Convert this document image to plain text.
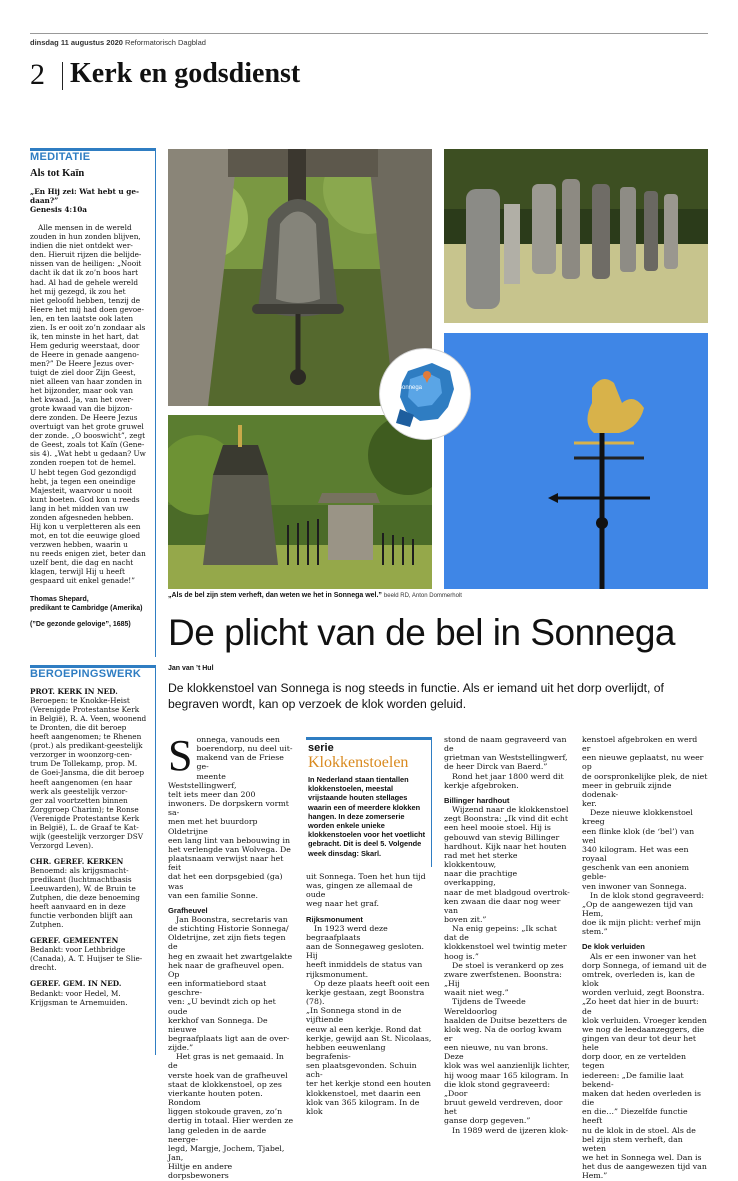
dinsdag 11 augustus 2020 Reformatorisch Dagblad
2 Kerk en godsdienst
MEDITATIE
Als tot Kaïn
„En Hij zei: Wat hebt u ge-
daan?”
Genesis 4:10a
Alle mensen in de wereld
zouden in hun zonden blijven,
indien die niet ontdekt wer-
den. Hieruit rijzen die belijde-
nissen van de heiligen: „Nooit
dacht ik dat ik zo’n boos hart
had. Al had de gehele wereld
het mij gezegd, ik zou het
niet geloofd hebben, tenzij de
Heere het mij had doen gevoe-
len, en ten laatste ook laten
zien. Is er ooit zo’n zondaar als
ik, ten minste in het hart, dat
Hem gedurig weerstaat, door
de Heere in genade aangeno-
men?” De Heere Jezus over-
tuigt de ziel door Zijn Geest,
niet alleen van haar zonden in
het bijzonder, maar ook van
het kwaad. Ja, van het over-
grote kwaad van die bijzon-
dere zonden. De Heere Jezus
overtuigt van het grote gruwel
der zonde. „O booswicht”, zegt
de Geest, zoals tot Kaïn (Gene-
sis 4). „Wat hebt u gedaan? Uw
zonden roepen tot de hemel.
U hebt tegen God gezondigd
hebt, ja tegen een oneindige
Majesteit, waarvoor u nooit
kunt boeten. God kon u reeds
lang in het midden van uw
zonden afgesneden hebben.
Hij kon u verpletteren als een
mot, en tot die eeuwige gloed
verzwen hebben, waarin u
nu reeds enigen ziet, beter dan
uzelf bent, die dag en nacht
klagen, terwijl Hij u heeft
gespaard uit enkel genade!”
Thomas Shepard,
predikant te Cambridge (Amerika)
(”De gezonde gelovige”, 1685)
BEROEPINGSWERK
PROT. KERK IN NED.
Beroepen: te Knokke-Heist
(Verenigde Protestantse Kerk
in België), R. A. Veen, woonend
te Dronten, die dit beroep
heeft aangenomen; te Rhenen
(prot.) als predikant-geestelijk
verzorger in woonzorg-cen-
trum De Tollekamp, prop. M.
de Goei-Jansma, die dit beroep
heeft aangenomen (en haar
werk als geestelijk verzor-
ger zal voortzetten binnen
Zorggroep Charim); te Ronse
(Verenigde Protestantse Kerk
in België), L. de Graaf te Kat-
wijk (geestelijk verzorger DSV
Verzorgd Leven).
CHR. GEREF. KERKEN
Benoemd: als krijgsmacht-
predikant (luchtmachtbasis
Leeuwarden), W. de Bruin te
Zutphen, die deze benoeming
heeft aanvaard en in deze
functie verbonden blijft aan
Zutphen.
GEREF. GEMEENTEN
Bedankt: voor Lethbridge
(Canada), A. T. Huijser te Slie-
drecht.
GEREF. GEM. IN NED.
Bedankt: voor Hedel, M.
Krijgsman te Arnemuiden.
Sonnega
„Als de bel zijn stem verheft, dan weten we het in Sonnega wel.” beeld RD, Anton Dommerholt
De plicht van de bel in Sonnega
Jan van ’t Hul
De klokkenstoel van Sonnega is nog steeds in functie. Als er iemand uit het dorp overlijdt, of begraven wordt, kan op verzoek de klok worden geluid.
S onnega, vanouds een
boerendorp, nu deel uit-
makend van de Friese ge-
meente Weststellingwerf,
telt iets meer dan 200
inwoners. De dorpskern vormt sa-
men met het buurdorp Oldetrijne
een lang lint van bebouwing in
het verlengde van Wolvega. De
plaatsnaam verwijst naar het feit
dat het een dorpsgebied (ga) was
van een familie Sonne.

Grafheuvel

Jan Boonstra, secretaris van
de stichting Historie Sonnega/
Oldetrijne, zet zijn fiets tegen de
heg en zwaait het zwartgelakte
hek naar de grafheuvel open. Op
een informatiebord staat geschre-
ven: „U bevindt zich op het oude
kerkhof van Sonnega. De nieuwe
begraafplaats ligt aan de over-
zijde.”
Het gras is net gemaaid. In de
verste hoek van de grafheuvel
staat de klokkenstoel, op zes
vierkante houten poten. Rondom
liggen stokoude graven, zo’n
dertig in totaal. Hier werden ze
lang geleden in de aarde neerge-
legd, Margje, Jochem, Tjabel, Jan,
Hiltje en andere dorpsbewoners
serie
Klokkenstoelen
In Nederland staan tientallen klokkenstoelen, meestal vrijstaande houten stellages waarin een of meerdere klokken hangen. In deze zomerserie worden enkele unieke klokkenstoelen voor het voetlicht gebracht. Dit is deel 5. Volgende week dinsdag: Skarl.
uit Sonnega. Toen het hun tijd
was, gingen ze allemaal de oude
weg naar het graf.

Rijksmonument

In 1923 werd deze begraafplaats
aan de Sonnegaweg gesloten. Hij
heeft inmiddels de status van
rijksmonument.
Op deze plaats heeft ooit een
kerkje gestaan, zegt Boonstra (78).
„In Sonnega stond in de vijftiende
eeuw al een kerkje. Rond dat
kerkje, gewijd aan St. Nicolaas,
hebben eeuwenlang begrafenis-
sen plaatsgevonden. Schuin ach-
ter het kerkje stond een houten
klokkenstoel, met daarin een
klok van 365 kilogram. In de klok
stond de naam gegraveerd van de
grietman van Weststellingwerf,
de heer Dirck van Baerd.”
Rond het jaar 1800 werd dit
kerkje afgebroken.

Billinger hardhout

Wijzend naar de klokkenstoel
zegt Boonstra: „Ik vind dit echt
een heel mooie stoel. Hij is
gebouwd van stevig Billinger
hardhout. Kijk naar het houten
rad met het sterke klokkentouw,
naar die prachtige overkapping,
naar de met bladgoud overtrok-
ken zwaan die daar nog weer van
boven zit.”
Na enig gepeins: „Ik schat dat de
klokkenstoel wel twintig meter
hoog is.”
De stoel is verankerd op zes
zware zwerfstenen. Boonstra: „Hij
waait niet weg.”
Tijdens de Tweede Wereldoorlog
haalden de Duitse bezetters de
klok weg. Na de oorlog kwam er
een nieuwe, nu van brons. Deze
klok was wel aanzienlijk lichter,
hij woog maar 165 kilogram. In
die klok stond gegraveerd: „Door
bruut geweld verdreven, door het
ganse dorp gegeven.”
In 1989 werd de ijzeren klok-
kenstoel afgebroken en werd er
een nieuwe geplaatst, nu weer op
de oorspronkelijke plek, de niet
meer in gebruik zijnde dodenak-
ker.
Deze nieuwe klokkenstoel kreeg
een flinke klok (de ‘bel’) van wel
340 kilogram. Het was een royaal
geschenk van een anoniem geble-
ven inwoner van Sonnega.
In de klok stond gegraveerd:
„Op de aangewezen tijd van Hem,
doe ik mijn plicht: verhef mijn
stem.”

De klok verluiden

Als er een inwoner van het
dorp Sonnega, of iemand uit de
omtrek, overleden is, kan de klok
worden verluid, zegt Boonstra.
„Zo heet dat hier in de buurt: de
klok verluiden. Vroeger kenden
we nog de leedaanzeggers, die
gingen van deur tot deur het hele
dorp door, en ze vertelden tegen
iedereen: „De familie laat bekend-
maken dat heden overleden is die
en die…” Diezelfde functie heeft
nu de klok in de stoel. Als de
bel zijn stem verheft, dan weten
we het in Sonnega wel. Dan is
het dus de aangewezen tijd van
Hem.”
